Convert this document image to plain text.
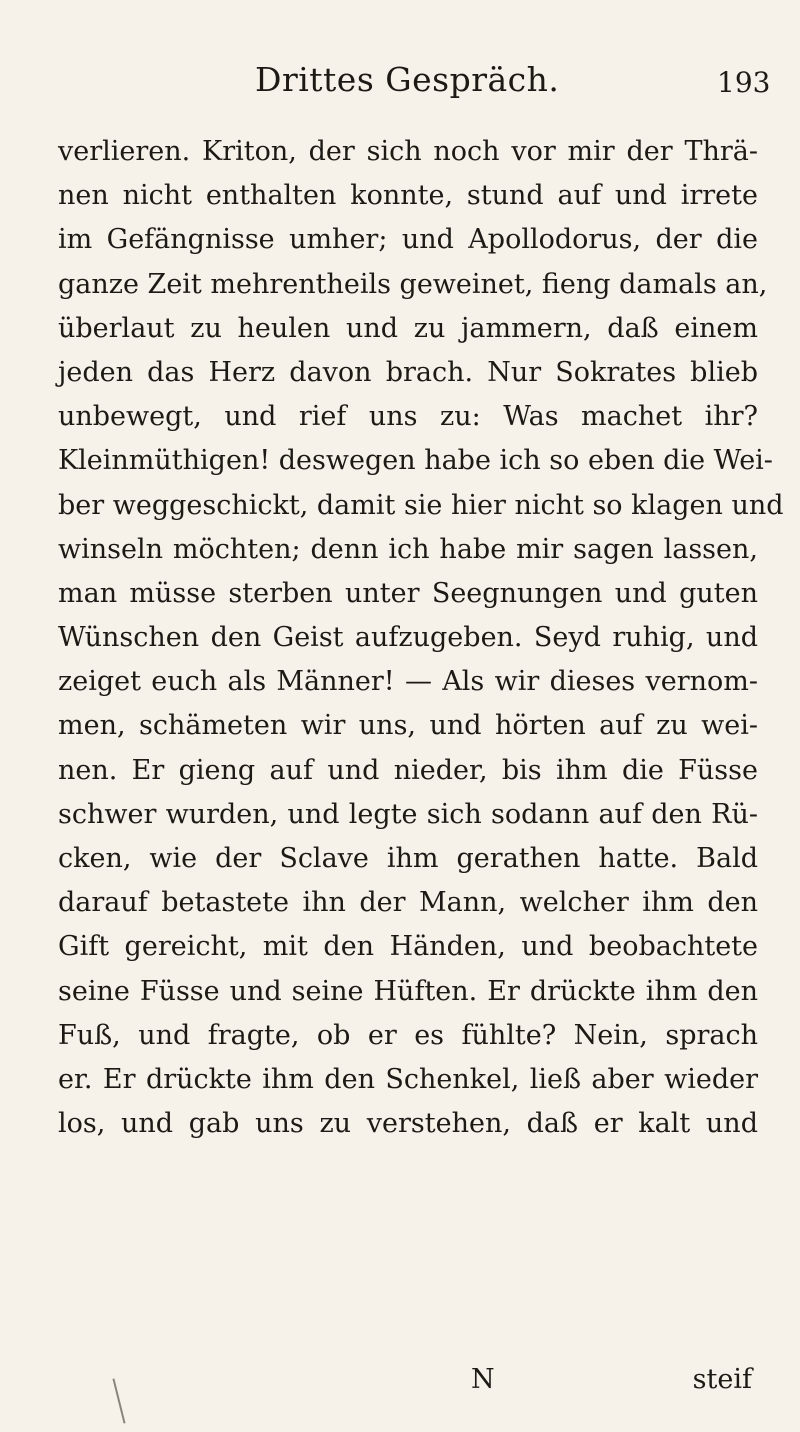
Drittes Gespräch.	193
verlieren. Kriton, der sich noch vor mir der Thrä-
nen nicht enthalten konnte, stund auf und irrete
im Gefängnisse umher; und Apollodorus, der die
ganze Zeit mehrentheils geweinet, fieng damals an,
überlaut zu heulen und zu jammern, daß einem
jeden das Herz davon brach. Nur Sokrates blieb
unbewegt, und rief uns zu: Was machet ihr?
Kleinmüthigen! deswegen habe ich so eben die Wei-
ber weggeschickt, damit sie hier nicht so klagen und
winseln möchten; denn ich habe mir sagen lassen,
man müsse sterben unter Seegnungen und guten
Wünschen den Geist aufzugeben. Seyd ruhig, und
zeiget euch als Männer! — Als wir dieses vernom-
men, schämeten wir uns, und hörten auf zu wei-
nen. Er gieng auf und nieder, bis ihm die Füsse
schwer wurden, und legte sich sodann auf den Rü-
cken, wie der Sclave ihm gerathen hatte. Bald
darauf betastete ihn der Mann, welcher ihm den
Gift gereicht, mit den Händen, und beobachtete
seine Füsse und seine Hüften. Er drückte ihm den
Fuß, und fragte, ob er es fühlte? Nein, sprach
er. Er drückte ihm den Schenkel, ließ aber wieder
los, und gab uns zu verstehen, daß er kalt und
N	steif
